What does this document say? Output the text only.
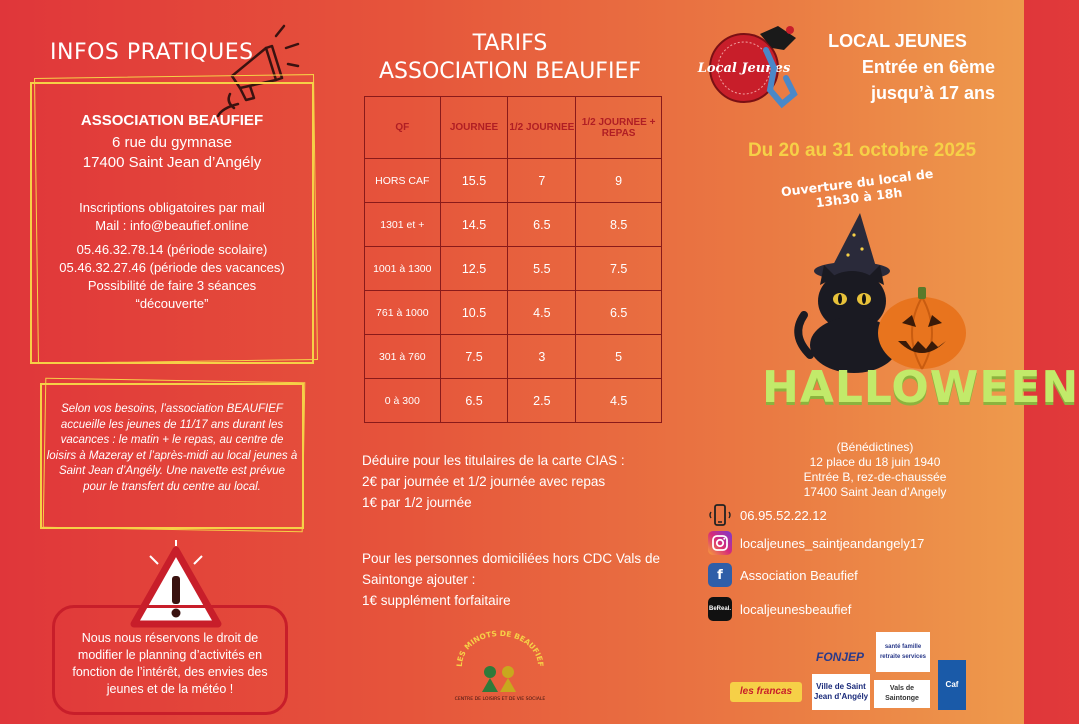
INFOS PRATIQUES
ASSOCIATION BEAUFIEF
6 rue du gymnase
17400 Saint Jean d’Angély
Inscriptions obligatoires par mail
Mail : info@beaufief.online
05.46.32.78.14 (période scolaire)
05.46.32.27.46 (période des vacances)
Possibilité de faire 3 séances
“découverte”
Selon vos besoins, l’association BEAUFIEF accueille les jeunes de 11/17 ans durant les vacances : le matin + le repas, au centre de loisirs à Mazeray et l’après-midi au local jeunes à Saint Jean d’Angély. Une navette est prévue pour le transfert du centre au local.
Nous nous réservons le droit de modifier le planning d’activités en fonction de l’intérêt, des envies des jeunes et de la météo !
TARIFS
ASSOCIATION BEAUFIEF
QF	JOURNEE	1/2 JOURNEE	1/2 JOURNEE + REPAS
HORS CAF	15.5	7	9
1301 et +	14.5	6.5	8.5
1001 à 1300	12.5	5.5	7.5
761 à 1000	10.5	4.5	6.5
301 à 760	7.5	3	5
0 à 300	6.5	2.5	4.5
Déduire pour les titulaires de la carte CIAS :
2€ par journée et 1/2 journée avec repas
1€ par 1/2 journée
Pour les personnes domiciliées hors CDC Vals de Saintonge ajouter :
1€ supplément forfaitaire
LES MINOTS DE BEAUFIEF
CENTRE DE LOISIRS ET DE VIE SOCIALE
Local Jeunes
LOCAL JEUNES
Entrée en 6ème
jusqu’à 17 ans
Du 20 au 31 octobre 2025
Ouverture du local de 13h30 à 18h
HALLOWEEN
(Bénédictines)
12 place du 18 juin 1940
Entrée B, rez-de-chaussée
17400 Saint Jean d’Angely
06.95.52.22.12
localjeunes_saintjeandangely17
f	Association Beaufief
BeReal. localjeunesbeaufief
FONJEP
santé famille retraite services
Caf
les francas	Ville de Saint Jean d’Angély
Vals de Saintonge
